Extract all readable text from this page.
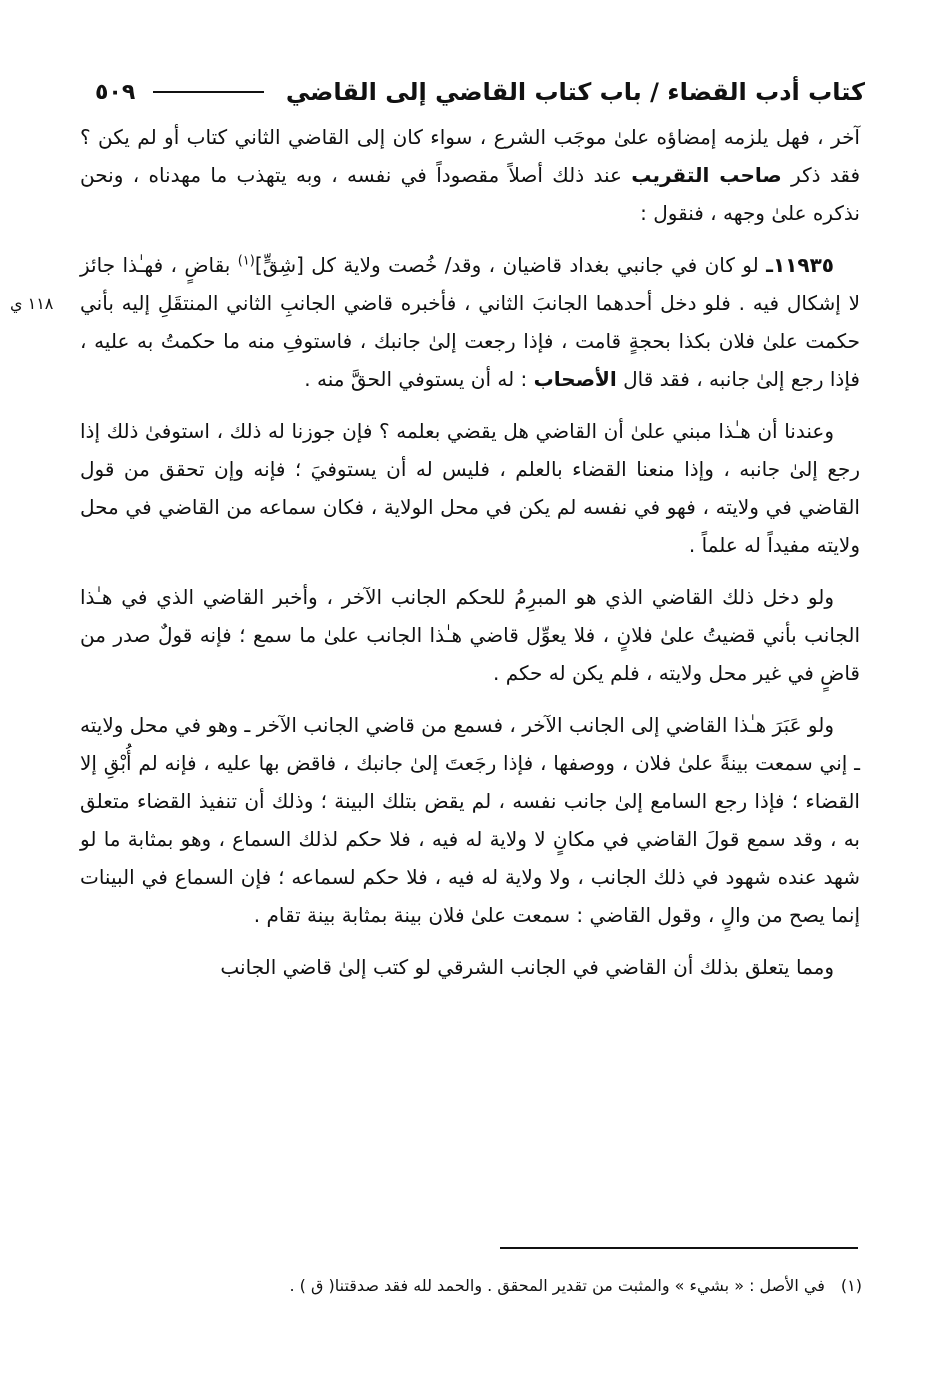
كتاب أدب القضاء / باب كتاب القاضي إلى القاضي
٥٠٩
١١٨ ي

آخر ، فهل يلزمه إمضاؤه علىٰ موجَب الشرع ، سواء كان إلى القاضي الثاني كتاب أو لم يكن ؟ فقد ذكر صاحب التقريب عند ذلك أصلاً مقصوداً في نفسه ، وبه يتهذب ما مهدناه ، ونحن نذكره علىٰ وجهه ، فنقول :

١١٩٣٥ـ لو كان في جانبي بغداد قاضيان ، وقد/ خُصت ولاية كل [شِقٍّ]$^{(١)}$ بقاضٍ ، فهـٰذا جائز لا إشكال فيه . فلو دخل أحدهما الجانبَ الثاني ، فأخبره قاضي الجانبِ الثاني المنتقَلِ إليه بأني حكمت علىٰ فلان بكذا بحجةٍ قامت ، فإذا رجعت إلىٰ جانبك ، فاستوفِ منه ما حكمتُ به عليه ، فإذا رجع إلىٰ جانبه ، فقد قال الأصحاب : له أن يستوفي الحقَّ منه .

وعندنا أن هـٰذا مبني علىٰ أن القاضي هل يقضي بعلمه ؟ فإن جوزنا له ذلك ، استوفىٰ ذلك إذا رجع إلىٰ جانبه ، وإذا منعنا القضاء بالعلم ، فليس له أن يستوفيَ ؛ فإنه وإن تحقق من قول القاضي في ولايته ، فهو في نفسه لم يكن في محل الولاية ، فكان سماعه من القاضي في محل ولايته مفيداً له علماً .

ولو دخل ذلك القاضي الذي هو المبرِمُ للحكم الجانب الآخر ، وأخبر القاضي الذي في هـٰذا الجانب بأني قضيتُ علىٰ فلانٍ ، فلا يعوِّل قاضي هـٰذا الجانب علىٰ ما سمع ؛ فإنه قولٌ صدر من قاضٍ في غير محل ولايته ، فلم يكن له حكم .

ولو عَبَرَ هـٰذا القاضي إلى الجانب الآخر ، فسمع من قاضي الجانب الآخر ـ وهو في محل ولايته ـ إني سمعت بينةً علىٰ فلان ، ووصفها ، فإذا رجَعتَ إلىٰ جانبك ، فاقض بها عليه ، فإنه لم أُبْقِ إلا القضاء ؛ فإذا رجع السامع إلىٰ جانب نفسه ، لم يقض بتلك البينة ؛ وذلك أن تنفيذ القضاء متعلق به ، وقد سمع قولَ القاضي في مكانٍ لا ولاية له فيه ، فلا حكم لذلك السماع ، وهو بمثابة ما لو شهد عنده شهود في ذلك الجانب ، ولا ولاية له فيه ، فلا حكم لسماعه ؛ فإن السماع في البينات إنما يصح من والٍ ، وقول القاضي : سمعت علىٰ فلان بينة بمثابة بينة تقام .

ومما يتعلق بذلك أن القاضي في الجانب الشرقي لو كتب إلىٰ قاضي الجانب

(١)في الأصل : « بشيء » والمثبت من تقدير المحقق . والحمد لله فقد صدقتنا( ق ) .
